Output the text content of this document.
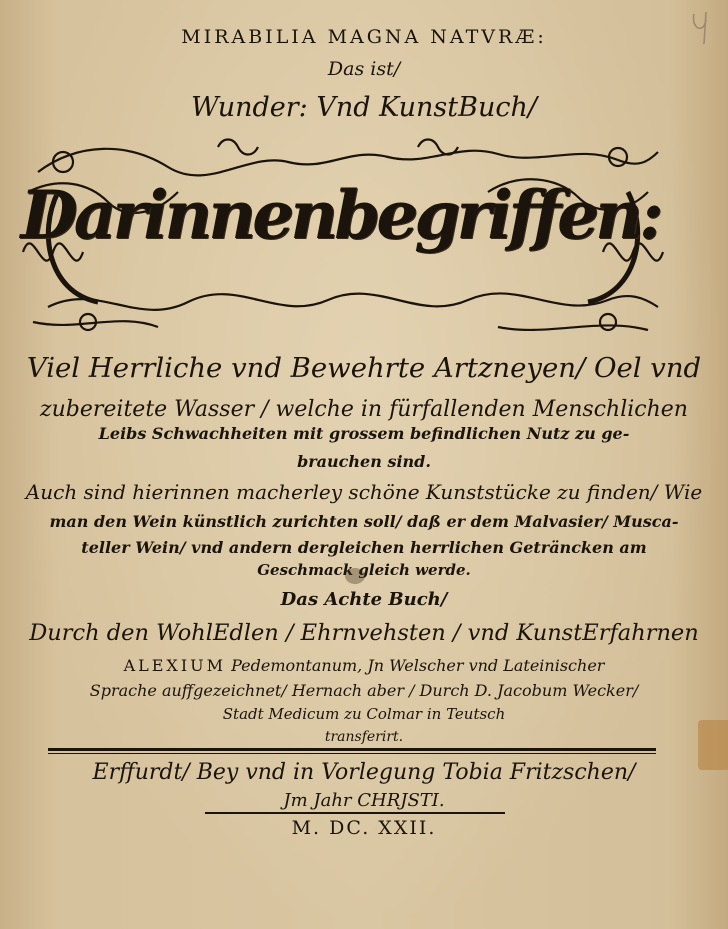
MIRABILIA MAGNA NATVRÆ:
Das ist/
Wunder: Vnd KunstBuch/
Darinnenbegriffen:
Viel Herrliche vnd Bewehrte Artzneyen/ Oel vnd
zubereitete Wasser / welche in fürfallenden Menschlichen
Leibs Schwachheiten mit grossem befindlichen Nutz zu ge-
brauchen sind.
Auch sind hierinnen macherley schöne Kunststücke zu finden/ Wie
man den Wein künstlich zurichten soll/ daß er dem Malvasier/ Musca-
teller Wein/ vnd andern dergleichen herrlichen Geträncken am
Geschmack gleich werde.
Das Achte Buch/
Durch den WohlEdlen / Ehrnvehsten / vnd KunstErfahrnen
ALEXIUM Pedemontanum, Jn Welscher vnd Lateinischer
Sprache auffgezeichnet/ Hernach aber / Durch D. Jacobum Wecker/
Stadt Medicum zu Colmar in Teutsch
transferirt.
Erffurdt/ Bey vnd in Vorlegung Tobia Fritzschen/
Jm Jahr CHRJSTI.
M. DC. XXII.
